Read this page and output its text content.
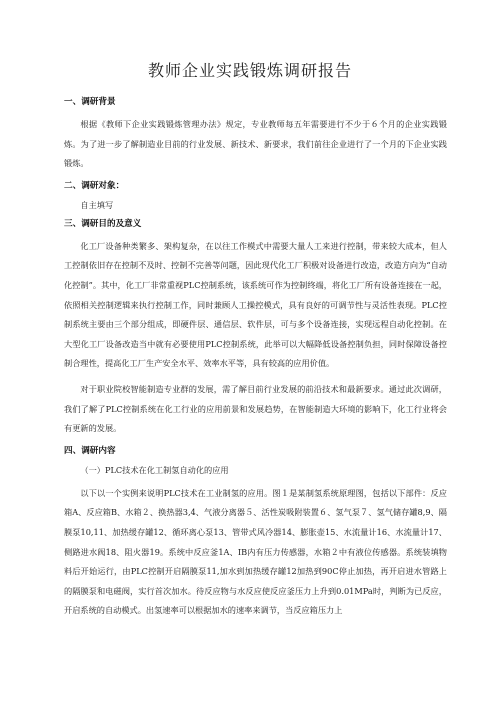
教师企业实践锻炼调研报告
一、调研背景

根据《教师下企业实践锻炼管理办法》规定，专业教师每五年需要进行不少于６个月的企业实践锻炼。为了进一步了解制造业目前的行业发展、新技术、新要求，我们前往企业进行了一个月的下企业实践锻炼。

二、调研对象：

自主填写

三、调研目的及意义

化工厂设备种类繁多、架构复杂，在以往工作模式中需要大量人工来进行控制，带来较大成本，但人工控制依旧存在控制不及时、控制不完善等问题，因此现代化工厂积极对设备进行改造，改造方向为“自动化控制”。其中，化工厂非常重视PLC控制系统，该系统可作为控制终端，将化工厂所有设备连接在一起，依照相关控制逻辑来执行控制工作，同时兼顾人工操控模式，具有良好的可调节性与灵活性表现。PLC控制系统主要由三个部分组成，即硬件层、通信层、软件层，可与多个设备连接，实现远程自动化控制。在大型化工厂设备改造当中就有必要使用PLC控制系统，此举可以大幅降低设备控制负担，同时保障设备控制合理性，提高化工厂生产安全水平、效率水平等，具有较高的应用价值。

对于职业院校智能制造专业群的发展，需了解目前行业发展的前沿技术和最新要求。通过此次调研，我们了解了PLC控制系统在化工行业的应用前景和发展趋势，在智能制造大环境的影响下，化工行业将会有更新的发展。

四、调研内容
（一）PLC技术在化工制氢自动化的应用

以下以一个实例来说明PLC技术在工业制氢的应用。图１是某制氢系统原理图，包括以下部件：反应箱A、反应箱B、水箱２、换热器3,4、气液分离器５、活性炭吸附装置６、氢气泵７、氢气储存罐8,9、隔膜泵10,11、加热缓存罐12、循环离心泵13、管带式风冷器14、膨胀壶15、水流量计16、水流量计17、侧路进水阀18、阻火器19。系统中反应釜1A、IB内有压力传感器，水箱２中有液位传感器。系统装填物料后开始运行，由PLC控制开启隔膜泵11,加水到加热缓存罐12加热到90C停止加热，再开启进水管路上的隔膜泵和电磁阀，实行首次加水。待反应物与水反应使反应釜压力上升到0.01MPa时，判断为已反应，开启系统的自动模式。出氢速率可以根据加水的速率来调节，当反应箱压力上
